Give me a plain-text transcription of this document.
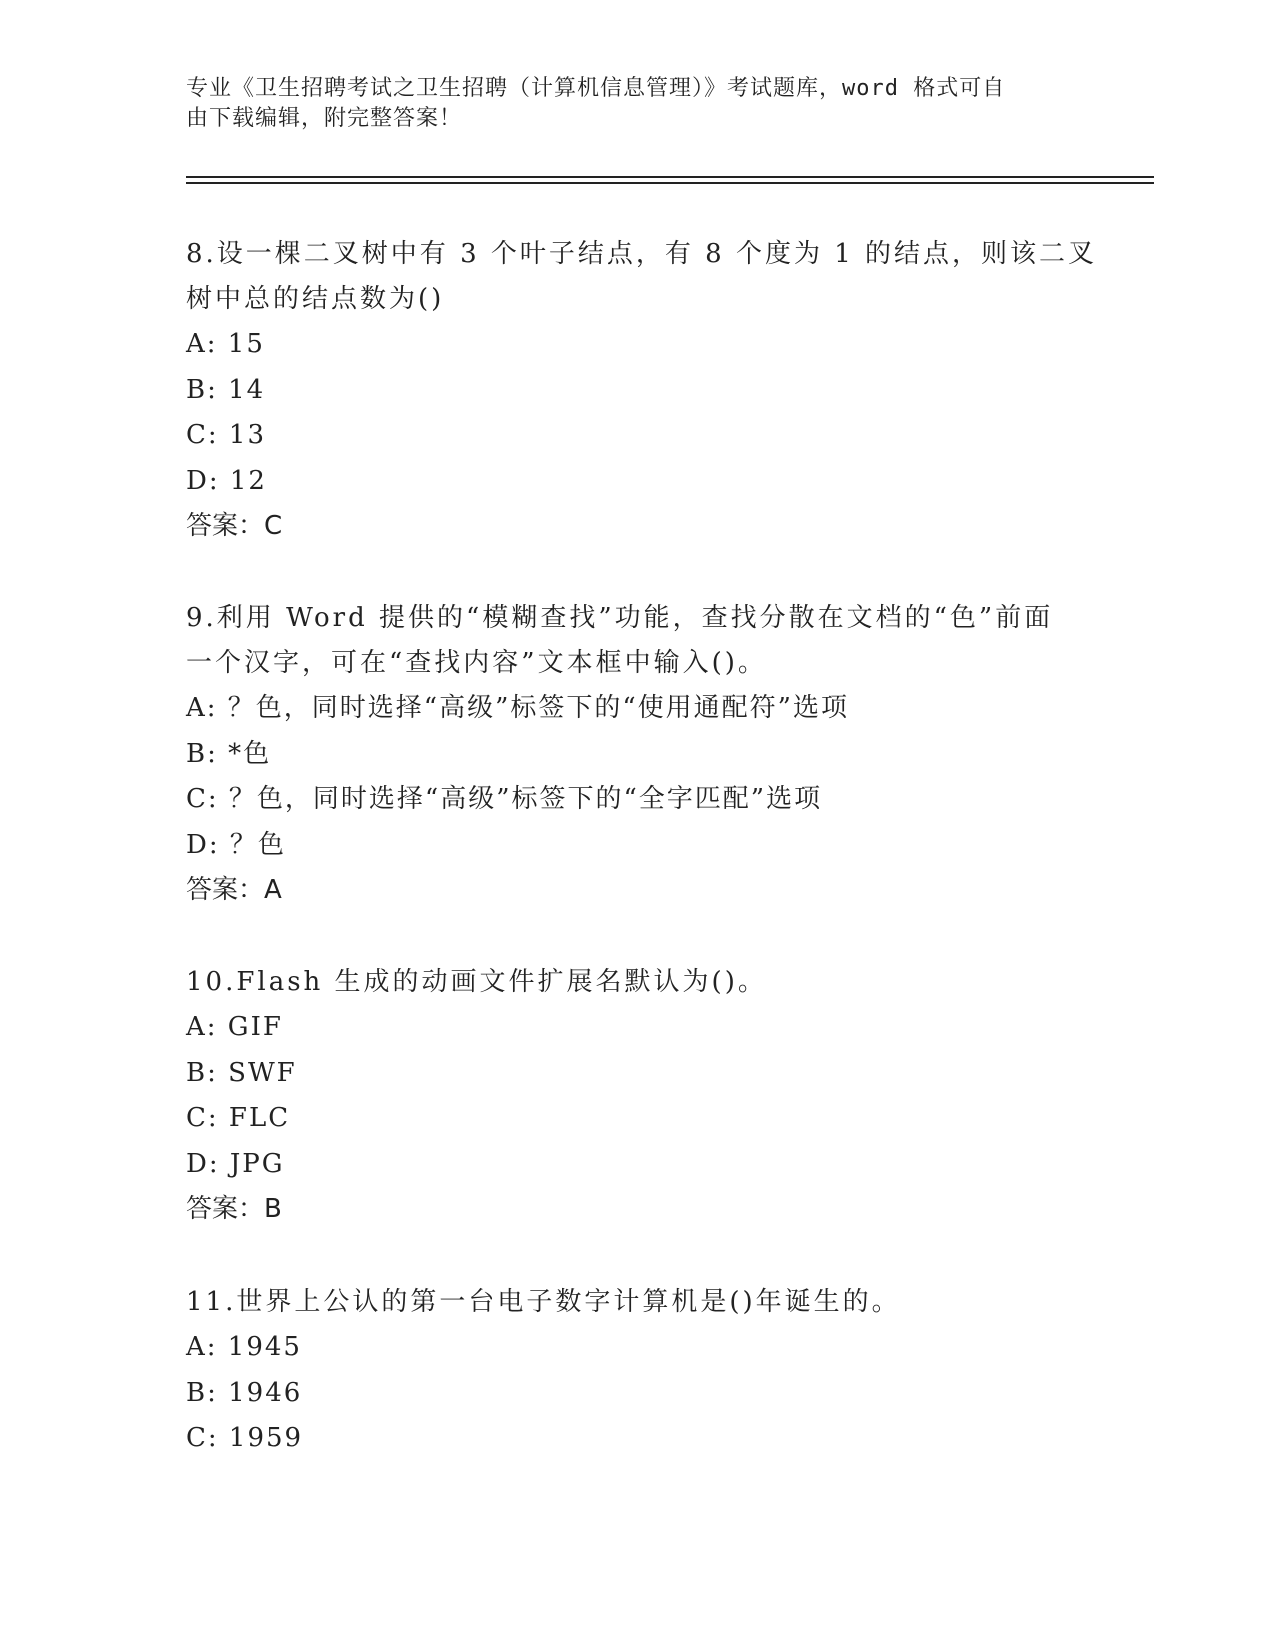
专业《卫生招聘考试之卫生招聘（计算机信息管理）》考试题库，word 格式可自
由下载编辑，附完整答案！
8.设一棵二叉树中有 3 个叶子结点，有 8 个度为 1 的结点，则该二叉
树中总的结点数为()
A: 15
B: 14
C: 13
D: 12
答案：C
9.利用 Word 提供的“模糊查找”功能，查找分散在文档的“色”前面
一个汉字，可在“查找内容”文本框中输入()。
A: ？色，同时选择“高级”标签下的“使用通配符”选项
B: *色
C: ？色，同时选择“高级”标签下的“全字匹配”选项
D: ？色
答案：A
10.Flash 生成的动画文件扩展名默认为()。
A: GIF
B: SWF
C: FLC
D: JPG
答案：B
11.世界上公认的第一台电子数字计算机是()年诞生的。
A: 1945
B: 1946
C: 1959
